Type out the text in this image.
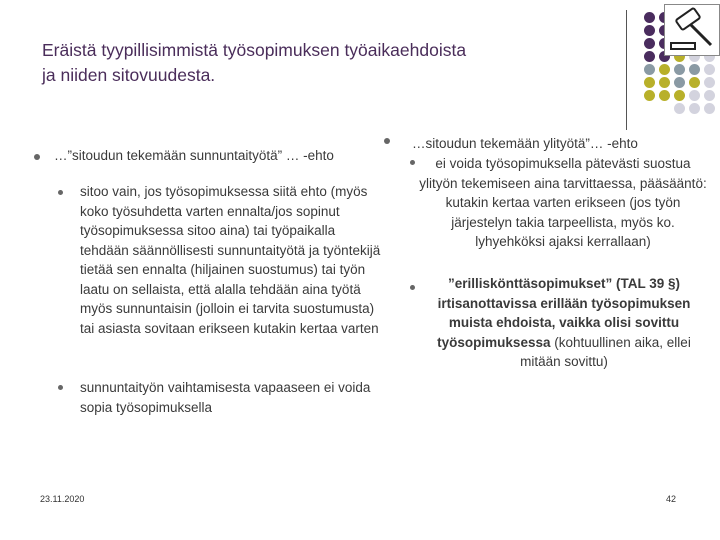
Eräistä tyypillisimmistä työsopimuksen työaikaehdoista
ja niiden sitovuudesta.

…”sitoudun tekemään sunnuntaityötä” … -ehto

sitoo vain, jos työsopimuksessa siitä ehto (myös koko työsuhdetta varten ennalta/jos sopinut työsopimuksessa sitoo aina) tai työpaikalla tehdään säännöllisesti sunnuntaityötä ja työntekijä tietää sen ennalta (hiljainen suostumus) tai työn laatu on sellaista, että alalla tehdään aina työtä myös sunnuntaisin (jolloin ei tarvita suostumusta) tai asiasta sovitaan erikseen kutakin kertaa varten
sunnuntaityön vaihtamisesta vapaaseen ei voida sopia työsopimuksella
…sitoudun tekemään ylityötä”… -ehto
ei voida työsopimuksella pätevästi suostua ylityön tekemiseen aina tarvittaessa, pääsääntö: kutakin kertaa varten erikseen (jos työn järjestelyn takia tarpeellista, myös ko. lyhyehköksi ajaksi kerrallaan)
”erilliskönttäsopimukset” (TAL 39 §) irtisanottavissa erillään työsopimuksen muista ehdoista, vaikka olisi sovittu työsopimuksessa (kohtuullinen aika, ellei mitään sovittu)
23.11.2020	42
